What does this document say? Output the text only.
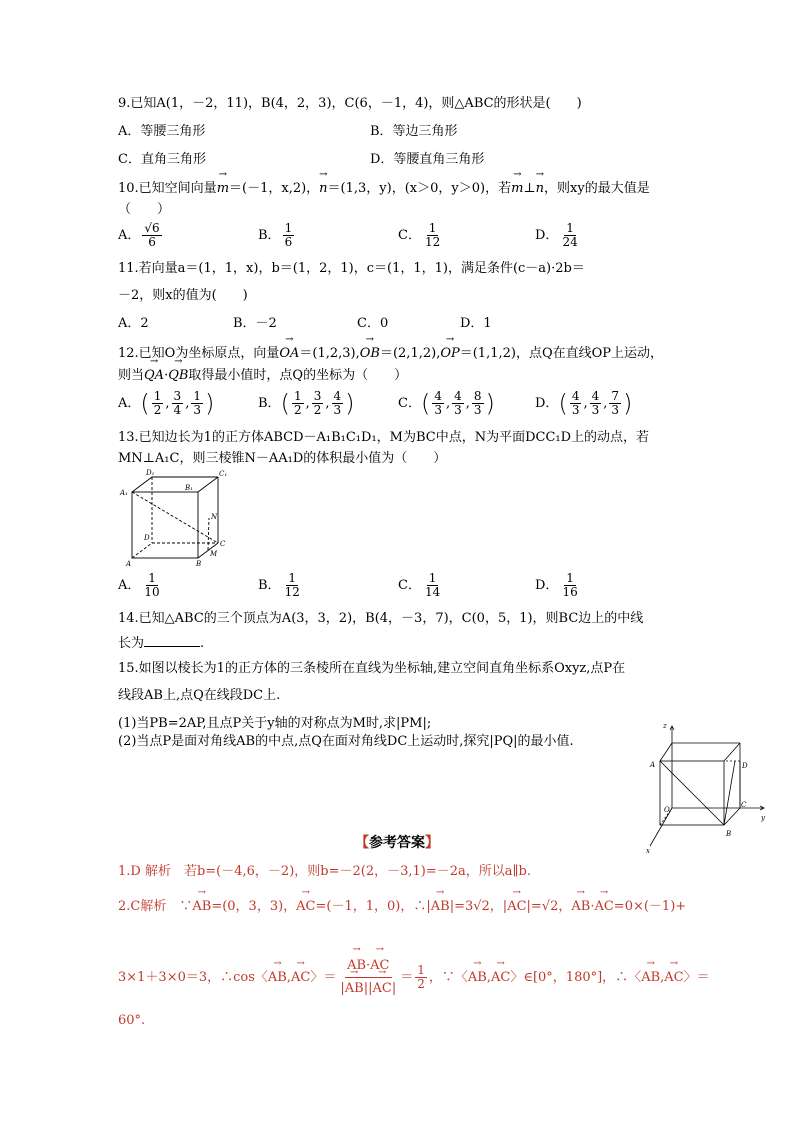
9.已知A(1，－2，11)，B(4，2，3)，C(6，－1，4)，则△ABC的形状是(　　)
A．等腰三角形	B．等边三角形
C．直角三角形	D．等腰直角三角形
10.已知空间向量→ m＝(－1，x,2)，→ n＝(1,3，y)，(x＞0，y＞0)，若→ m⊥→ n，则xy的最大值是
（　　）
A． $\frac{√6}{6}$	B． $\frac{1}{6}$	C． $\frac{1}{12}$	D． $\frac{1}{24}$
11.若向量a＝(1，1，x)，b＝(1，2，1)，c＝(1，1，1)，满足条件(c－a)·2b＝
－2，则x的值为(　　)
A．2	B．－2	C．0	D．1
12.已知O为坐标原点，向量→ OA＝(1,2,3),→ OB＝(2,1,2),→ OP＝(1,1,2)，点Q在直线OP上运动，
则当→ QA·→ QB取得最小值时，点Q的坐标为（　　）
A．( $\frac{1}{2}$ , $\frac{3}{4}$ , $\frac{1}{3}$ )	B．( $\frac{1}{2}$ , $\frac{3}{2}$ , $\frac{4}{3}$ )	C．( $\frac{4}{3}$ , $\frac{4}{3}$ , $\frac{8}{3}$ )	D．( $\frac{4}{3}$ , $\frac{4}{3}$ , $\frac{7}{3}$ )
13.已知边长为1的正方体ABCD－A₁B₁C₁D₁，M为BC中点，N为平面DCC₁D上的动点，若
MN⊥A₁C，则三棱锥N－AA₁D的体积最小值为（　　）
D₁	C₁
A₁
B₁
N
D
C
M
A	B
A． $\frac{1}{10}$	B． $\frac{1}{12}$	C． $\frac{1}{14}$	D． $\frac{1}{16}$
14.已知△ABC的三个顶点为A(3，3，2)，B(4，－3，7)，C(0，5，1)，则BC边上的中线
长为	.
15.如图以棱长为1的正方体的三条棱所在直线为坐标轴,建立空间直角坐标系Oxyz,点P在
线段AB上,点Q在线段DC上.
(1)当PB=2AP,且点P关于y轴的对称点为M时,求|PM|;
(2)当点P是面对角线AB的中点,点Q在面对角线DC上运动时,探究|PQ|的最小值.
z
A	D
O
C
y
B
x
【参考答案】
1.D 解析　若b=(－4,6，－2)，则b=－2(2，－3,1)=－2a，所以a∥b.
2.C解析　∵→ AB=(0，3，3)，→ AC=(－1，1，0)，∴|→ AB|=3√2，|→ AC|=√2，→ AB·→ AC=0×(－1)+
3×1＋3×0＝3，∴cos〈→ AB,→ AC〉＝
→ $\frac{AB\cdot\to AC}{|\to AB||\to AC|} = \frac{1}{2}$ ，∵〈→ AB,→ AC〉∈[0°，180°]，∴〈→ AB,→ AC〉＝
60°.
